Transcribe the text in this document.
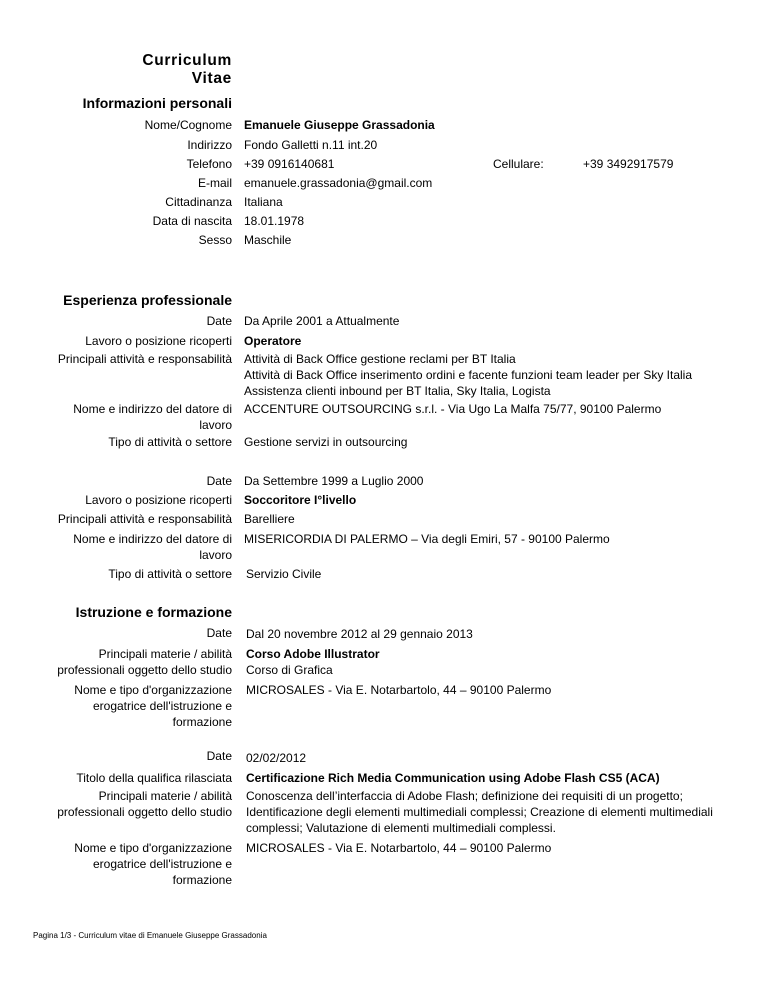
Curriculum Vitae
Informazioni personali
Nome/Cognome Emanuele Giuseppe Grassadonia
Indirizzo Fondo Galletti n.11 int.20
Telefono +39 0916140681	Cellulare:	+39 3492917579
E-mail emanuele.grassadonia@gmail.com
Cittadinanza Italiana
Data di nascita 18.01.1978
Sesso Maschile
Esperienza professionale
Date Da Aprile 2001 a Attualmente
Lavoro o posizione ricoperti Operatore
Principali attività e responsabilità Attività di Back Office gestione reclami per BT Italia
Attività di Back Office inserimento ordini e facente funzioni team leader per Sky Italia
Assistenza clienti inbound per BT Italia, Sky Italia, Logista
Nome e indirizzo del datore di
lavoro
ACCENTURE OUTSOURCING s.r.l. - Via Ugo La Malfa 75/77, 90100 Palermo
Tipo di attività o settore Gestione servizi in outsourcing
Date Da Settembre 1999 a Luglio 2000
Lavoro o posizione ricoperti Soccoritore I°livello
Principali attività e responsabilità Barelliere
Nome e indirizzo del datore di
lavoro
MISERICORDIA DI PALERMO – Via degli Emiri, 57 - 90100 Palermo
Tipo di attività o settore Servizio Civile
Istruzione e formazione
Date Dal 20 novembre 2012 al 29 gennaio 2013
Principali materie / abilità
professionali oggetto dello studio
Corso Adobe Illustrator
Corso di Grafica
Nome e tipo d'organizzazione
erogatrice dell'istruzione e
formazione
MICROSALES - Via E. Notarbartolo, 44 – 90100 Palermo
Date 02/02/2012
Titolo della qualifica rilasciata Certificazione Rich Media Communication using Adobe Flash CS5 (ACA)
Principali materie / abilità
professionali oggetto dello studio
Conoscenza dell’interfaccia di Adobe Flash; definizione dei requisiti di un progetto;
Identificazione degli elementi multimediali complessi; Creazione di elementi multimediali
complessi; Valutazione di elementi multimediali complessi.
Nome e tipo d'organizzazione
erogatrice dell'istruzione e
formazione
MICROSALES - Via E. Notarbartolo, 44 – 90100 Palermo
Pagina 1/3 - Curriculum vitae di Emanuele Giuseppe Grassadonia
